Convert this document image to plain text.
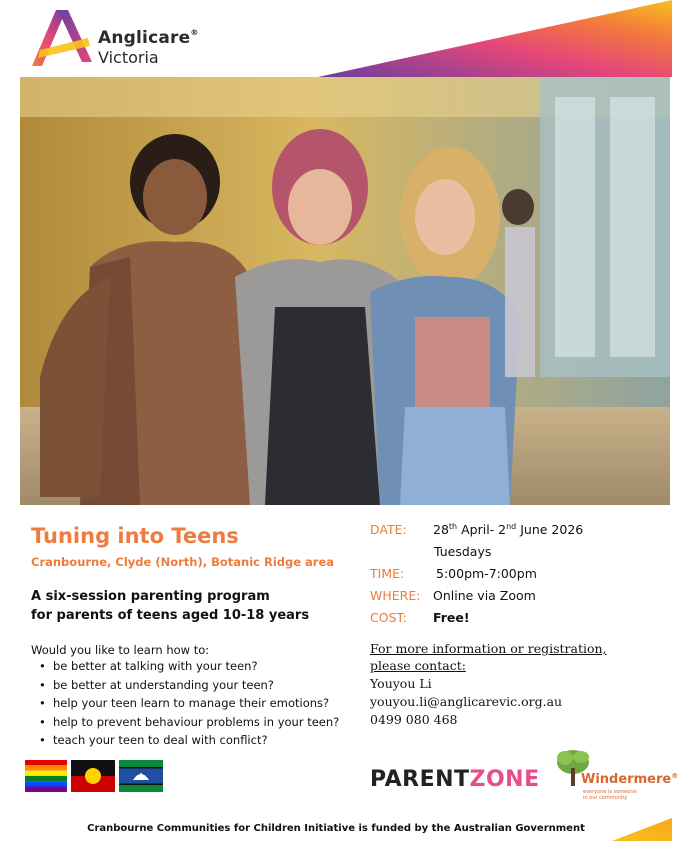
Anglicare®
Victoria
Tuning into Teens
Cranbourne, Clyde (North), Botanic Ridge area
A six-session parenting program
for parents of teens aged 10-18 years
Would you like to learn how to:
• be better at talking with your teen?
• be better at understanding your teen?
• help your teen learn to manage their emotions?
• help to prevent behaviour problems in your teen?
• teach your teen to deal with conflict?
DATE: 28th April- 2nd June 2026
Tuesdays
TIME:	5:00pm-7:00pm
WHERE: Online via Zoom
COST: Free!
For more information or registration,
please contact:
Youyou Li
youyou.li@anglicarevic.org.au
0499 080 468
PARENTZONE	Windermere®
everyone is someone
in our community
Cranbourne Communities for Children Initiative is funded by the Australian Government
